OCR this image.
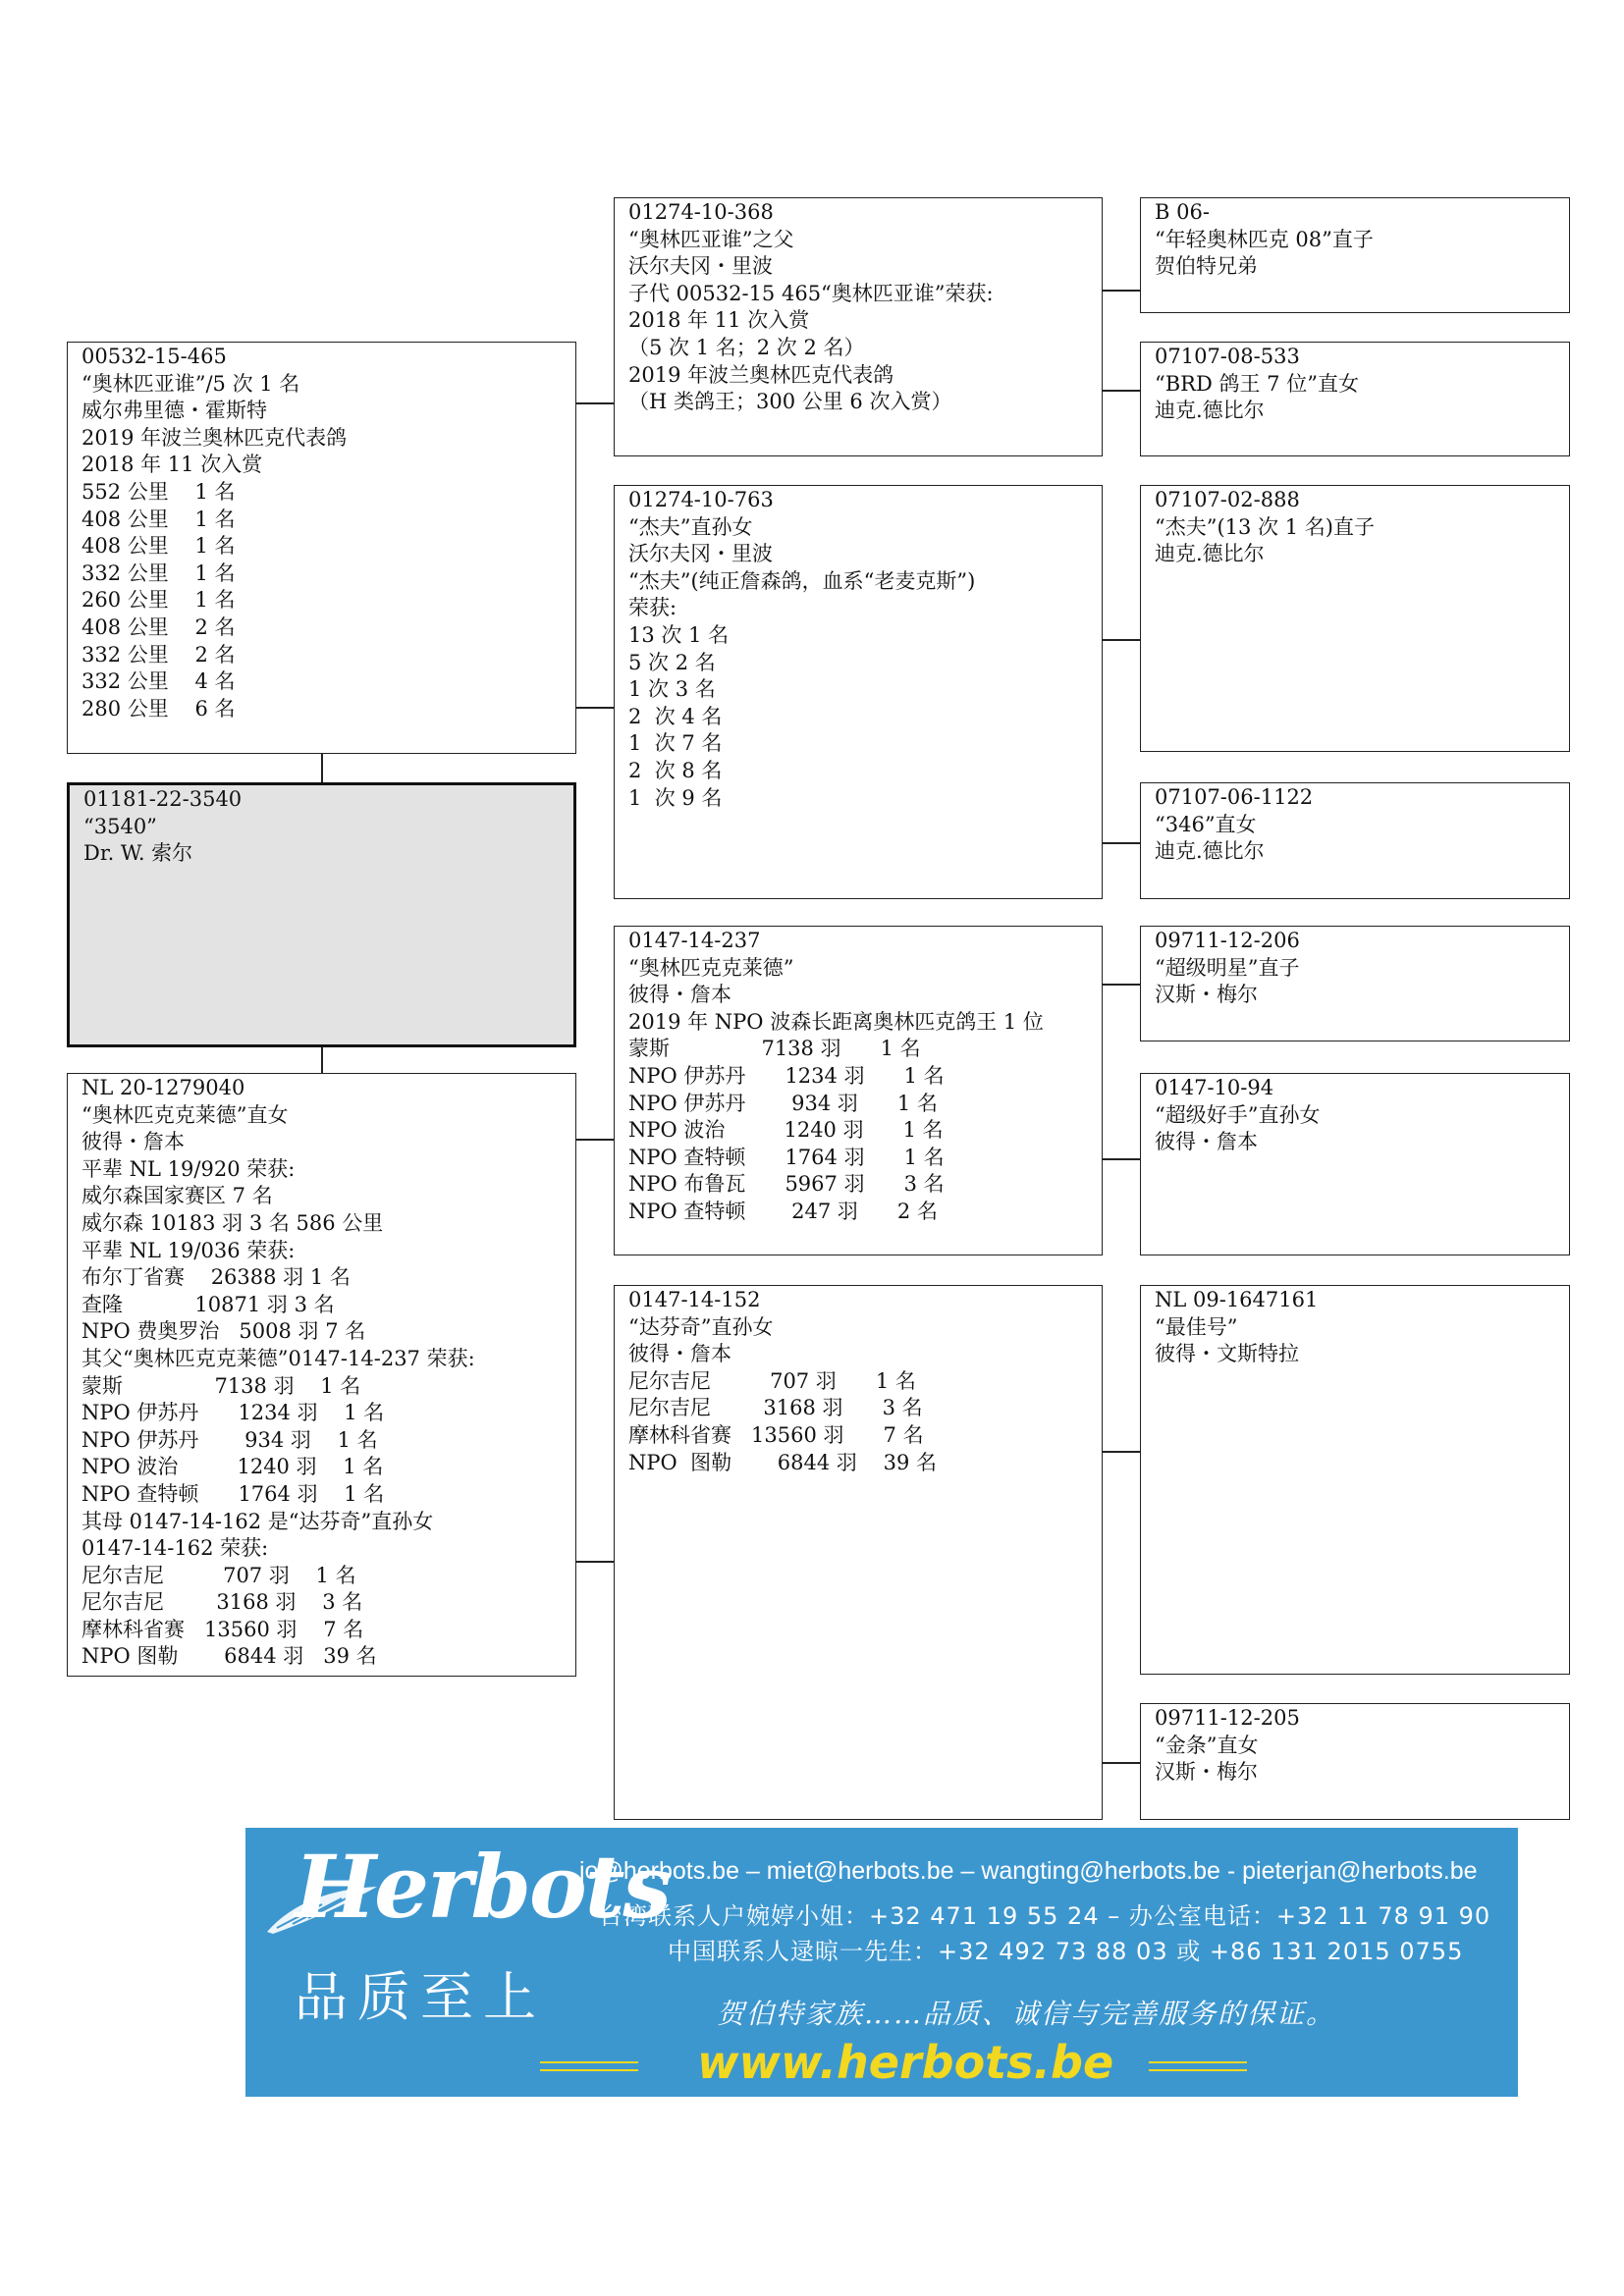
01181-22-3540
“3540”
Dr. W. 索尔
00532-15-465
“奥林匹亚谁”/5 次 1 名
威尔弗里德・霍斯特
2019 年波兰奥林匹克代表鸽
2018 年 11 次入赏
552 公里    1 名
408 公里    1 名
408 公里    1 名
332 公里    1 名
260 公里    1 名
408 公里    2 名
332 公里    2 名
332 公里    4 名
280 公里    6 名
NL 20-1279040
“奥林匹克克莱德”直女
彼得・詹本
平辈 NL 19/920 荣获:
威尔森国家赛区 7 名
威尔森 10183 羽 3 名 586 公里
平辈 NL 19/036 荣获:
布尔丁省赛    26388 羽 1 名
查隆           10871 羽 3 名
NPO 费奥罗治   5008 羽 7 名
其父“奥林匹克克莱德”0147-14-237 荣获:
蒙斯              7138 羽    1 名
NPO 伊苏丹      1234 羽    1 名
NPO 伊苏丹       934 羽    1 名
NPO 波治         1240 羽    1 名
NPO 查特顿      1764 羽    1 名
其母 0147-14-162 是“达芬奇”直孙女
0147-14-162 荣获:
尼尔吉尼         707 羽    1 名
尼尔吉尼        3168 羽    3 名
摩林科省赛   13560 羽    7 名
NPO 图勒       6844 羽   39 名
01274-10-368
“奥林匹亚谁”之父
沃尔夫冈・里波
子代 00532-15 465“奥林匹亚谁”荣获:
2018 年 11 次入赏
（5 次 1 名；2 次 2 名）
2019 年波兰奥林匹克代表鸽
（H 类鸽王；300 公里 6 次入赏）
01274-10-763
“杰夫”直孙女
沃尔夫冈・里波
“杰夫”(纯正詹森鸽，血系“老麦克斯”)
荣获:
13 次 1 名
5 次 2 名
1 次 3 名
2  次 4 名
1  次 7 名
2  次 8 名
1  次 9 名
0147-14-237
“奥林匹克克莱德”
彼得・詹本
2019 年 NPO 波森长距离奥林匹克鸽王 1 位
蒙斯              7138 羽      1 名
NPO 伊苏丹      1234 羽      1 名
NPO 伊苏丹       934 羽      1 名
NPO 波治         1240 羽      1 名
NPO 查特顿      1764 羽      1 名
NPO 布鲁瓦      5967 羽      3 名
NPO 查特顿       247 羽      2 名
0147-14-152
“达芬奇”直孙女
彼得・詹本
尼尔吉尼         707 羽      1 名
尼尔吉尼        3168 羽      3 名
摩林科省赛   13560 羽      7 名
NPO  图勒       6844 羽    39 名
B 06-
“年轻奥林匹克 08”直子
贺伯特兄弟
07107-08-533
“BRD 鸽王 7 位”直女
迪克.德比尔
07107-02-888
“杰夫”(13 次 1 名)直子
迪克.德比尔
07107-06-1122
“346”直女
迪克.德比尔
09711-12-206
“超级明星”直子
汉斯・梅尔
0147-10-94
“超级好手”直孙女
彼得・詹本
NL 09-1647161
“最佳号”
彼得・文斯特拉
09711-12-205
“金条”直女
汉斯・梅尔
Herbots
品质至上
jo@herbots.be – miet@herbots.be – wangting@herbots.be - pieterjan@herbots.be
台湾联系人户婉婷小姐：+32 471 19 55 24 – 办公室电话：+32 11 78 91 90
中国联系人逯晾一先生：+32 492 73 88 03 或 +86 131 2015 0755
贺伯特家族……品质、诚信与完善服务的保证。
www.herbots.be
